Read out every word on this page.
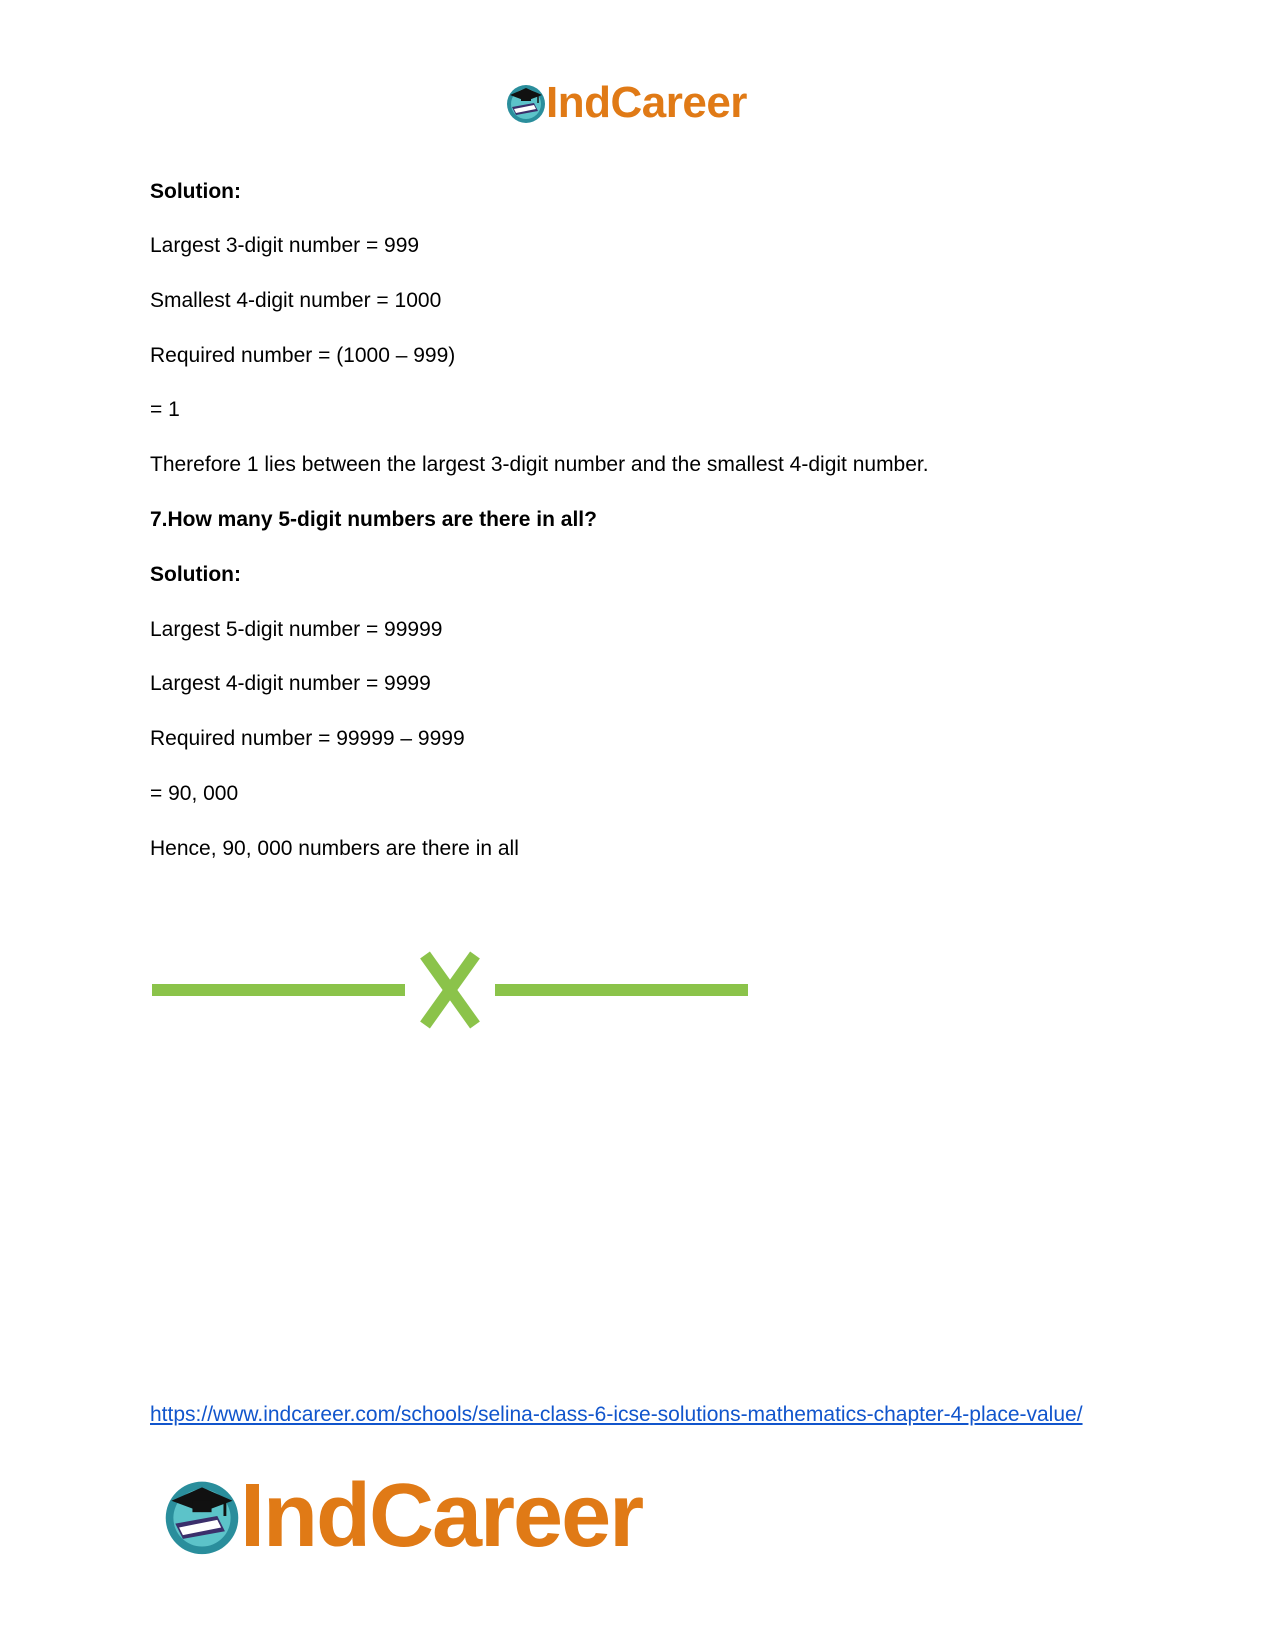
IndCareer
Solution:
Largest 3-digit number = 999
Smallest 4-digit number = 1000
Required number = (1000 – 999)
= 1
Therefore 1 lies between the largest 3-digit number and the smallest 4-digit number.
7.How many 5-digit numbers are there in all?
Solution:
Largest 5-digit number = 99999
Largest 4-digit number = 9999
Required number = 99999 – 9999
= 90, 000
Hence, 90, 000 numbers are there in all
https://www.indcareer.com/schools/selina-class-6-icse-solutions-mathematics-chapter-4-place-value/
IndCareer
